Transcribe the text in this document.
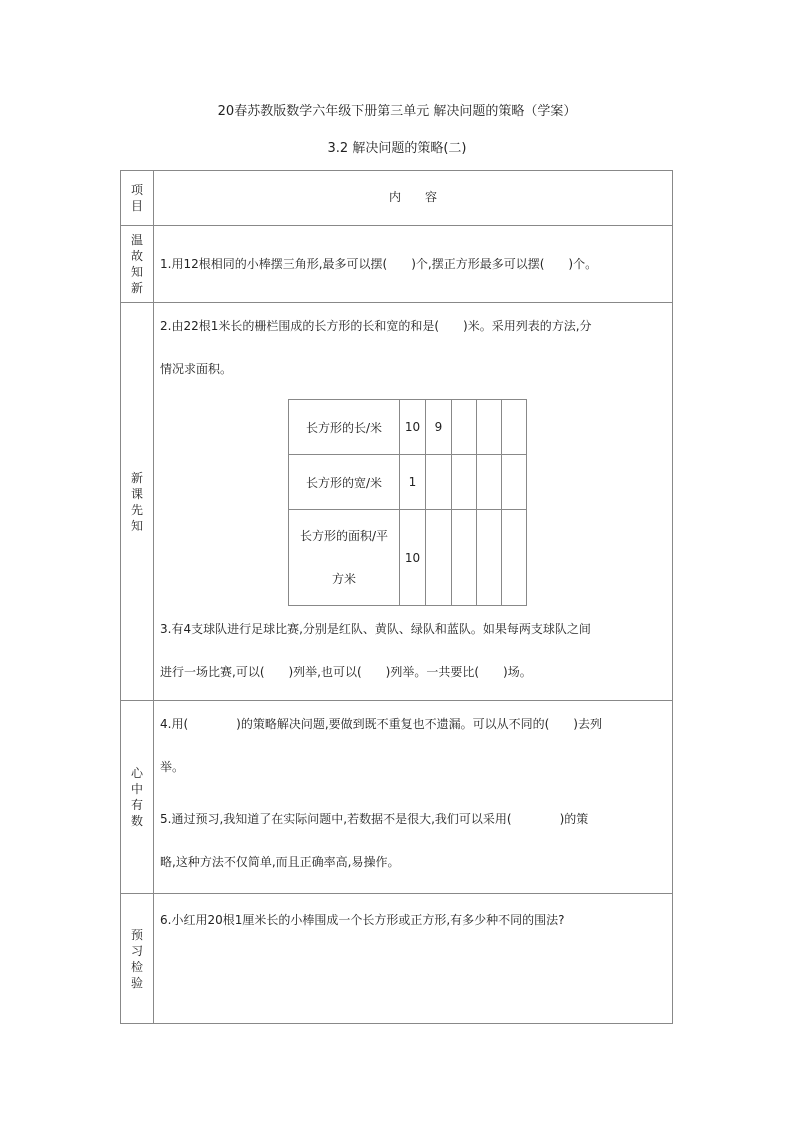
20春苏教版数学六年级下册第三单元 解决问题的策略（学案）
3.2 解决问题的策略(二)
项目	
内　　容

温故知新	
1.用12根相同的小棒摆三角形,最多可以摆(　　)个,摆正方形最多可以摆(　　)个。

新课先知	
2.由22根1米长的栅栏围成的长方形的长和宽的和是(　　)米。采用列表的方法,分
情况求面积。
长方形的长/米	10	9			
长方形的宽/米	1				

长方形的面积/平
方米
	10				
3.有4支球队进行足球比赛,分别是红队、黄队、绿队和蓝队。如果每两支球队之间
进行一场比赛,可以(　　)列举,也可以(　　)列举。一共要比(　　)场。

心中有数	
4.用(　　　　)的策略解决问题,要做到既不重复也不遗漏。可以从不同的(　　)去列
举。
5.通过预习,我知道了在实际问题中,若数据不是很大,我们可以采用(　　　　)的策
略,这种方法不仅简单,而且正确率高,易操作。

预习检验	
6.小红用20根1厘米长的小棒围成一个长方形或正方形,有多少种不同的围法?
